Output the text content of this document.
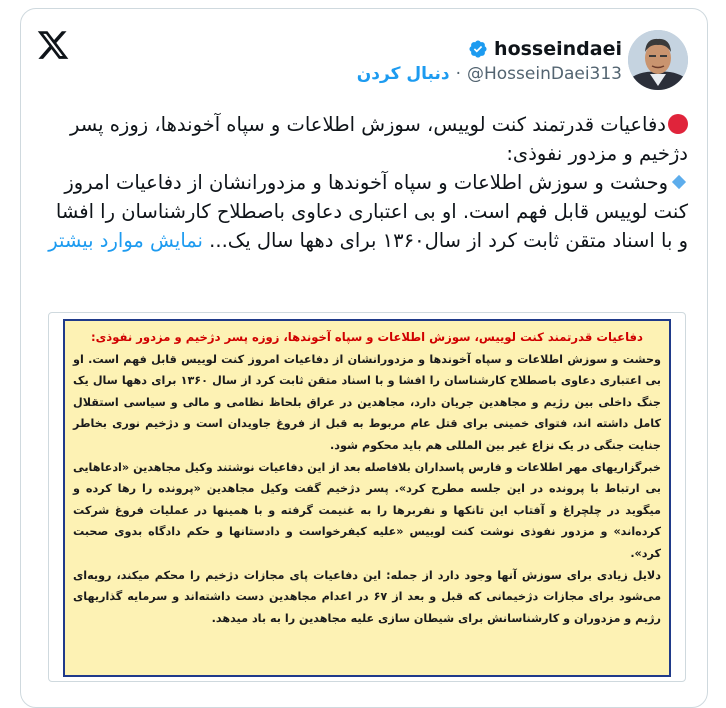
hosseindaei
دنبال کردن · @HosseinDaei313

دفاعیات قدرتمند کنت لوییس، سوزش اطلاعات و سپاه آخوندها، زوزه پسر دژخیم و مزدور نفوذی:

وحشت و سوزش اطلاعات و سپاه آخوندها و مزدورانشان از دفاعیات امروز کنت لوییس قابل فهم است. او بی اعتباری دعاوی باصطلاح کارشناسان را افشا و با اسناد متقن ثابت کرد از سال۱۳۶۰ برای دهها سال یک... نمایش موارد بیشتر

دفاعیات قدرتمند کنت لوییس، سوزش اطلاعات و سپاه آخوندها، زوزه پسر دژخیم و مزدور نفوذی:

وحشت و سوزش اطلاعات و سپاه آخوندها و مزدورانشان از دفاعیات امروز کنت لوییس قابل فهم است. او بی اعتباری دعاوی باصطلاح کارشناسان را افشا و با اسناد متقن ثابت کرد از سال ۱۳۶۰ برای دهها سال یک جنگ داخلی بین رژیم و مجاهدین جریان دارد، مجاهدین در عراق بلحاظ نظامی و مالی و سیاسی استقلال کامل داشته اند، فتوای خمینی برای قتل عام مربوط به قبل از فروغ جاویدان است و دژخیم نوری بخاطر جنایت جنگی در یک نزاع غیر بین المللی هم باید محکوم شود.

خبرگزاریهای مهر اطلاعات و فارس پاسداران بلافاصله بعد از این دفاعیات نوشتند وکیل مجاهدین «ادعاهایی بی ارتباط با پرونده در این جلسه مطرح کرد». پسر دژخیم گفت وکیل مجاهدین «پرونده را رها کرده و میگوید در چلچراغ و آفتاب این تانکها و نفربرها را به غنیمت گرفته و با همینها در عملیات فروغ شرکت کرده‌اند» و مزدور نفوذی نوشت کنت لوییس «علیه کیفرخواست و دادستانها و حکم دادگاه بدوی صحبت کرد».

دلایل زیادی برای سوزش آنها وجود دارد از جمله: این دفاعیات پای مجازات دژخیم را محکم میکند، رویه‌ای می‌شود برای مجازات دژخیمانی که قبل و بعد از ۶۷ در اعدام مجاهدین دست داشته‌اند و سرمایه گذاریهای رژیم و مزدوران و کارشناسانش برای شیطان سازی علیه مجاهدین را به باد میدهد.
